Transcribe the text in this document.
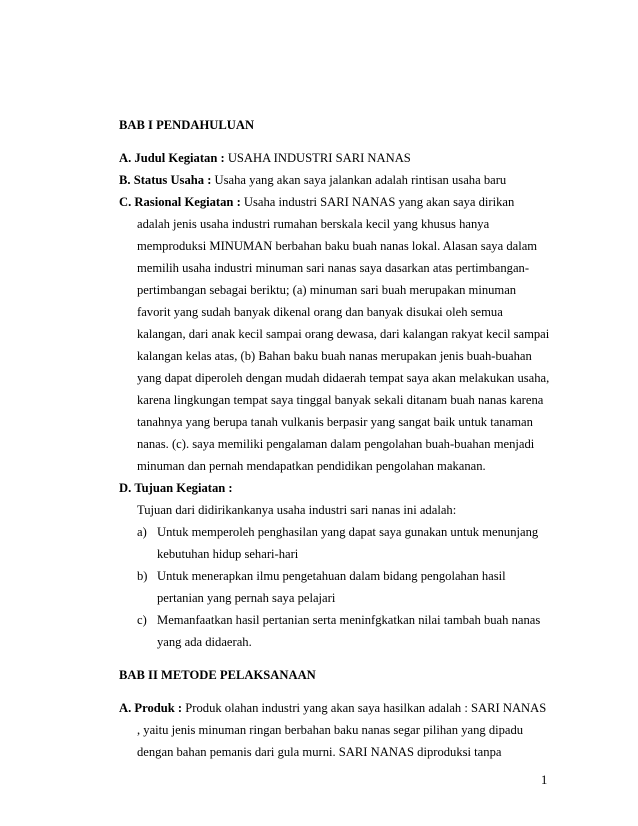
BAB I PENDAHULUAN
A. Judul Kegiatan : USAHA INDUSTRI SARI NANAS
B. Status Usaha : Usaha yang akan saya jalankan adalah rintisan usaha baru
C. Rasional Kegiatan : Usaha industri SARI NANAS yang akan saya dirikan
adalah jenis usaha industri rumahan berskala kecil yang khusus hanya
memproduksi MINUMAN berbahan baku buah nanas lokal. Alasan saya dalam
memilih usaha industri minuman sari nanas saya dasarkan atas pertimbangan-
pertimbangan sebagai beriktu; (a) minuman sari buah merupakan minuman
favorit yang sudah banyak dikenal orang dan banyak disukai oleh semua
kalangan, dari anak kecil sampai orang dewasa, dari kalangan rakyat kecil sampai
kalangan kelas atas, (b) Bahan baku buah nanas merupakan jenis buah-buahan
yang dapat diperoleh dengan mudah didaerah tempat saya akan melakukan usaha,
karena lingkungan tempat saya tinggal banyak sekali ditanam buah nanas karena
tanahnya yang berupa tanah vulkanis berpasir yang sangat baik untuk tanaman
nanas. (c). saya memiliki pengalaman dalam pengolahan buah-buahan menjadi
minuman dan pernah mendapatkan pendidikan pengolahan makanan.
D. Tujuan Kegiatan :
Tujuan dari didirikankanya usaha industri sari nanas ini adalah:
a) Untuk memperoleh penghasilan yang dapat saya gunakan untuk menunjang
kebutuhan hidup sehari-hari
b) Untuk menerapkan ilmu pengetahuan dalam bidang pengolahan hasil
pertanian yang pernah saya pelajari
c) Memanfaatkan hasil pertanian serta meninfgkatkan nilai tambah buah nanas
yang ada didaerah.
BAB II METODE PELAKSANAAN
A. Produk : Produk olahan industri yang akan saya hasilkan adalah : SARI NANAS
, yaitu jenis minuman ringan berbahan baku nanas segar pilihan yang dipadu
dengan bahan pemanis dari gula murni. SARI NANAS diproduksi tanpa
1
